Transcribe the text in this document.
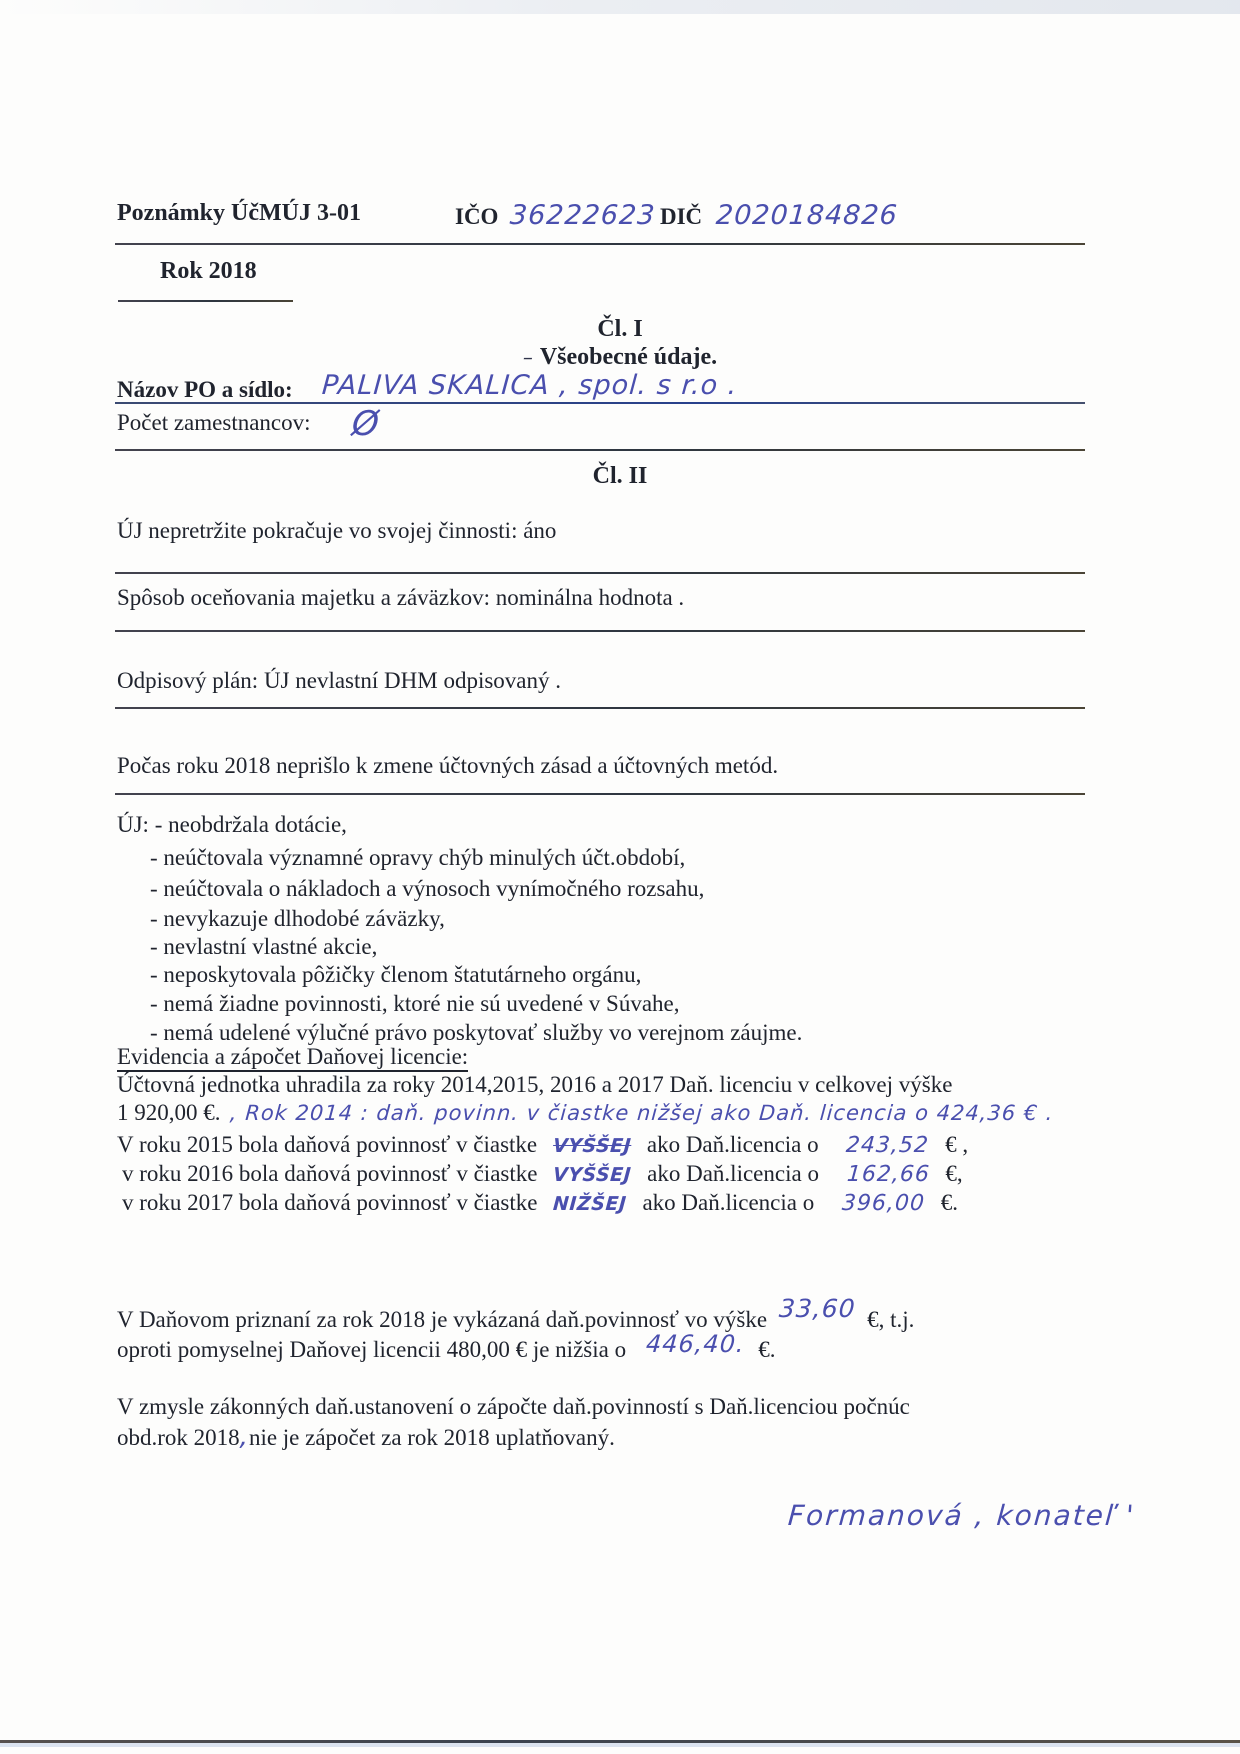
Poznámky ÚčMÚJ 3-01	IČO 36222623 DIČ 2020184826
Rok 2018
Čl. I
– Všeobecné údaje.
Názov PO a sídlo: PALIVA SKALICA , spol. s r.o .
Počet zamestnancov: Ø
Čl. II
ÚJ nepretržite pokračuje vo svojej činnosti: áno
Spôsob oceňovania majetku a záväzkov: nominálna hodnota .
Odpisový plán: ÚJ nevlastní DHM odpisovaný .
Počas roku 2018 neprišlo k zmene účtovných zásad a účtovných metód.
ÚJ: - neobdržala dotácie,
- neúčtovala významné opravy chýb minulých účt.období,
- neúčtovala o nákladoch a výnosoch vynímočného rozsahu,
- nevykazuje dlhodobé záväzky,
- nevlastní vlastné akcie,
- neposkytovala pôžičky členom štatutárneho orgánu,
- nemá žiadne povinnosti, ktoré nie sú uvedené v Súvahe,
- nemá udelené výlučné právo poskytovať služby vo verejnom záujme.
Evidencia a zápočet Daňovej licencie:
Účtovná jednotka uhradila za roky 2014,2015, 2016 a 2017 Daň. licenciu v celkovej výške
1 920,00 €. , Rok 2014 : daň. povinn. v čiastke nižšej ako Daň. licencia o 424,36 € .
V roku 2015 bola daňová povinnosť v čiastke VYŠŠEJ ako Daň.licencia o 243,52 € ,
v roku 2016 bola daňová povinnosť v čiastke VYŠŠEJ ako Daň.licencia o 162,66 €,
v roku 2017 bola daňová povinnosť v čiastke NIŽŠEJ ako Daň.licencia o 396,00 €.
V Daňovom priznaní za rok 2018 je vykázaná daň.povinnosť vo výške 33,60 €, t.j.
oproti pomyselnej Daňovej licencii 480,00 € je nižšia o 446,40. €.
V zmysle zákonných daň.ustanovení o zápočte daň.povinností s Daň.licenciou počnúc
obd.rok 2018,nie je zápočet za rok 2018 uplatňovaný.
Formanová , konateľ '
